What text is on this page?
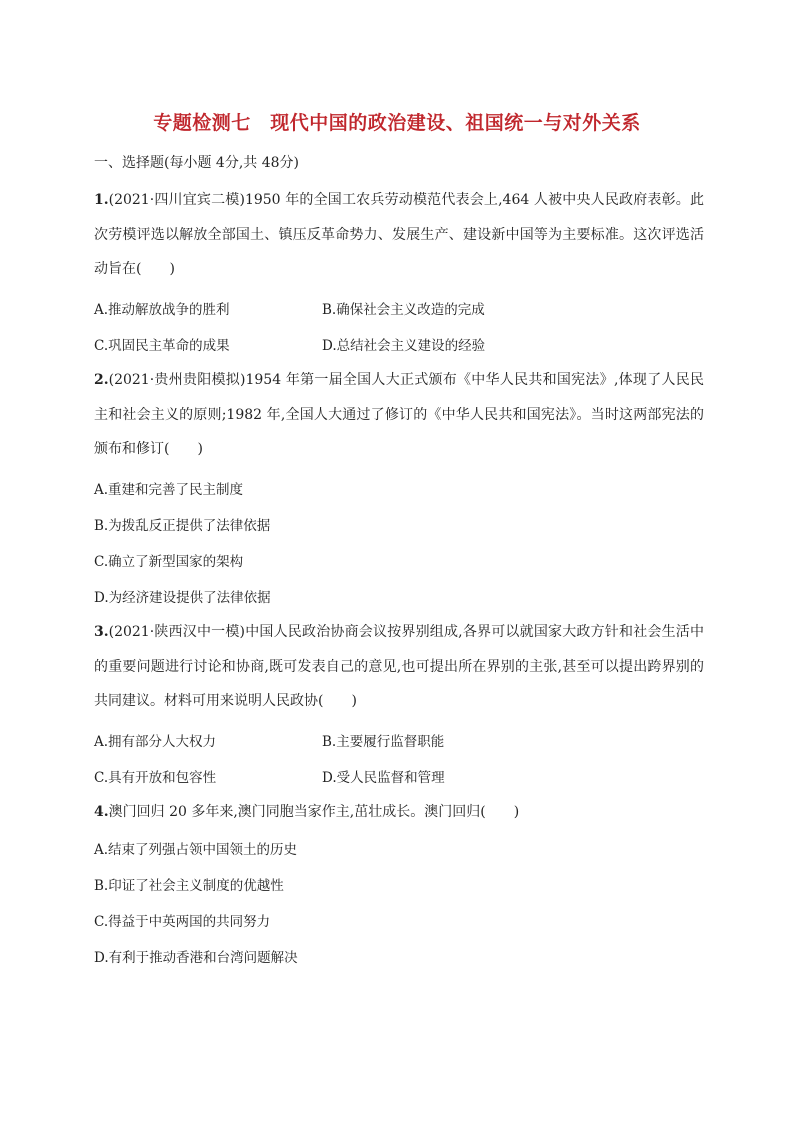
专题检测七　现代中国的政治建设、祖国统一与对外关系
一、选择题(每小题 4分,共 48分)
1.(2021·四川宜宾二模)1950 年的全国工农兵劳动模范代表会上,464 人被中央人民政府表彰。此次劳模评选以解放全部国土、镇压反革命势力、发展生产、建设新中国等为主要标准。这次评选活动旨在(　　)
A.推动解放战争的胜利	B.确保社会主义改造的完成
C.巩固民主革命的成果	D.总结社会主义建设的经验
2.(2021·贵州贵阳模拟)1954 年第一届全国人大正式颁布《中华人民共和国宪法》,体现了人民民主和社会主义的原则;1982 年,全国人大通过了修订的《中华人民共和国宪法》。当时这两部宪法的颁布和修订(　　)
A.重建和完善了民主制度
B.为拨乱反正提供了法律依据
C.确立了新型国家的架构
D.为经济建设提供了法律依据
3.(2021·陕西汉中一模)中国人民政治协商会议按界别组成,各界可以就国家大政方针和社会生活中的重要问题进行讨论和协商,既可发表自己的意见,也可提出所在界别的主张,甚至可以提出跨界别的共同建议。材料可用来说明人民政协(　　)
A.拥有部分人大权力	B.主要履行监督职能
C.具有开放和包容性	D.受人民监督和管理
4.澳门回归 20 多年来,澳门同胞当家作主,茁壮成长。澳门回归(　　)
A.结束了列强占领中国领土的历史
B.印证了社会主义制度的优越性
C.得益于中英两国的共同努力
D.有利于推动香港和台湾问题解决
